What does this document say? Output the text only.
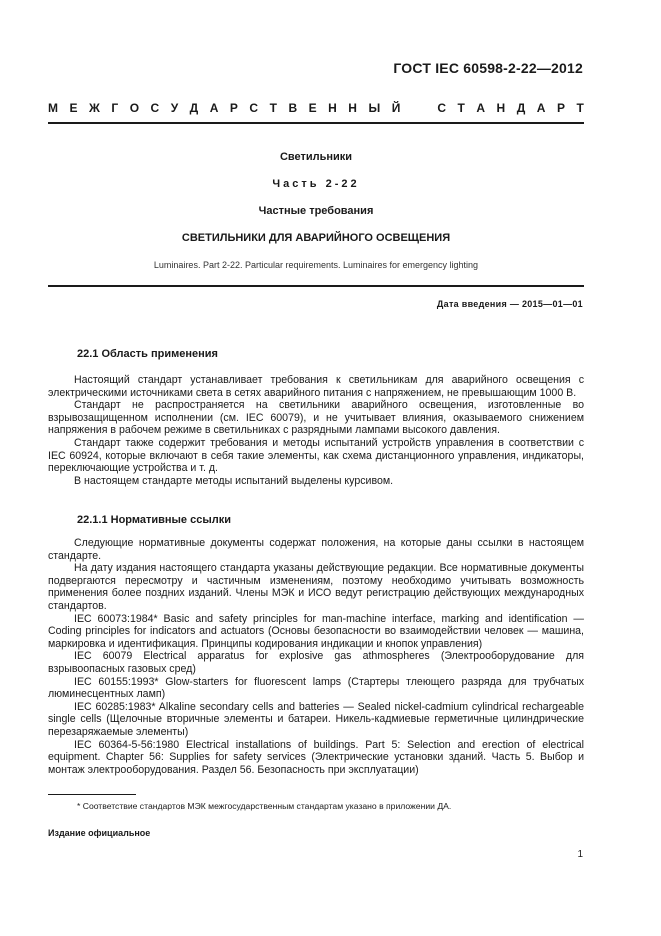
ГОСТ IEC 60598-2-22—2012
М Е Ж Г О С У Д А Р С Т В Е Н Н Ы Й
	С Т А Н Д А Р Т
Светильники
Часть 2-22
Частные требования
СВЕТИЛЬНИКИ ДЛЯ АВАРИЙНОГО ОСВЕЩЕНИЯ
Luminaires. Part 2-22. Particular requirements. Luminaires for emergency lighting
Дата введения — 2015—01—01
22.1 Область применения

Настоящий стандарт устанавливает требования к светильникам для аварийного освещения с электрическими источниками света в сетях аварийного питания с напряжением, не превышающим 1000 В.

Стандарт не распространяется на светильники аварийного освещения, изготовленные во взрывозащищенном исполнении (см. IEC 60079), и не учитывает влияния, оказываемого снижением напряжения в рабочем режиме в светильниках с разрядными лампами высокого давления.

Стандарт также содержит требования и методы испытаний устройств управления в соответствии с IEC 60924, которые включают в себя такие элементы, как схема дистанционного управления, индикаторы, переключающие устройства и т. д.

В настоящем стандарте методы испытаний выделены курсивом.

22.1.1 Нормативные ссылки

Следующие нормативные документы содержат положения, на которые даны ссылки в настоящем стандарте.

На дату издания настоящего стандарта указаны действующие редакции. Все нормативные документы подвергаются пересмотру и частичным изменениям, поэтому необходимо учитывать возможность применения более поздних изданий. Члены МЭК и ИСО ведут регистрацию действующих международных стандартов.

IEC 60073:1984* Basic and safety principles for man-machine interface, marking and identification — Coding principles for indicators and actuators (Основы безопасности во взаимодействии человек — машина, маркировка и идентификация. Принципы кодирования индикации и кнопок управления)

IEC 60079 Electrical apparatus for explosive gas athmospheres (Электрооборудование для взрывоопасных газовых сред)

IEC 60155:1993* Glow-starters for fluorescent lamps (Стартеры тлеющего разряда для трубчатых люминесцентных ламп)

IEC 60285:1983* Alkaline secondary cells and batteries — Sealed nickel-cadmium cylindrical rechargeable single cells (Щелочные вторичные элементы и батареи. Никель-кадмиевые герметичные цилиндрические перезаряжаемые элементы)

IEC 60364-5-56:1980 Electrical installations of buildings. Part 5: Selection and erection of electrical equipment. Chapter 56: Supplies for safety services (Электрические установки зданий. Часть 5. Выбор и монтаж электрооборудования. Раздел 56. Безопасность при эксплуатации)

* Соответствие стандартов МЭК межгосударственным стандартам указано в приложении ДА.
Издание официальное
1
